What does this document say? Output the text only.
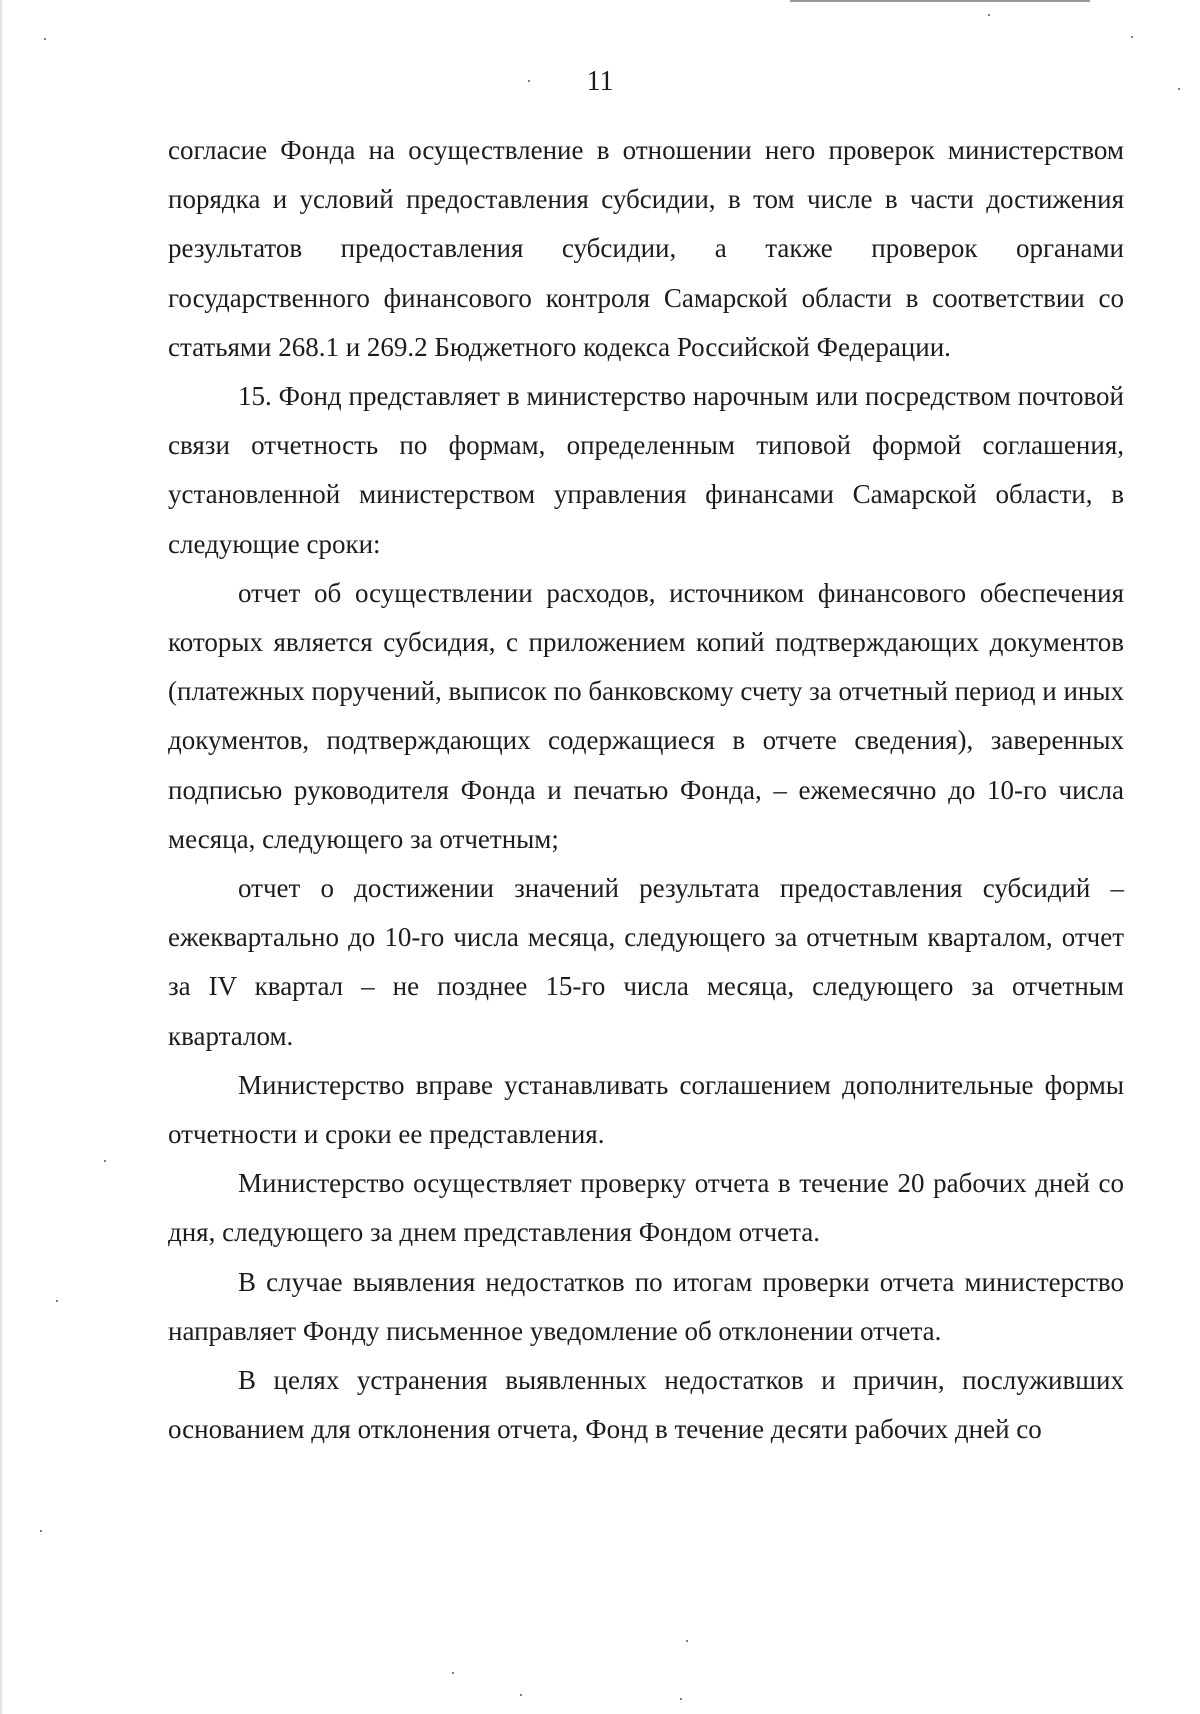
11

согласие Фонда на осуществление в отношении него проверок министерством порядка и условий предоставления субсидии, в том числе в части достижения результатов предоставления субсидии, а также проверок органами государственного финансового контроля Самарской области в соответствии со статьями 268.1 и 269.2 Бюджетного кодекса Российской Федерации.

15. Фонд представляет в министерство нарочным или посредством почтовой связи отчетность по формам, определенным типовой формой соглашения, установленной министерством управления финансами Самарской области, в следующие сроки:

отчет об осуществлении расходов, источником финансового обеспечения которых является субсидия, с приложением копий подтверждающих документов (платежных поручений, выписок по банковскому счету за отчетный период и иных документов, подтверждающих содержащиеся в отчете сведения), заверенных подписью руководителя Фонда и печатью Фонда, – ежемесячно до 10-го числа месяца, следующего за отчетным;

отчет о достижении значений результата предоставления субсидий – ежеквартально до 10-го числа месяца, следующего за отчетным кварталом, отчет за IV квартал – не позднее 15-го числа месяца, следующего за отчетным кварталом.

Министерство вправе устанавливать соглашением дополнительные формы отчетности и сроки ее представления.

Министерство осуществляет проверку отчета в течение 20 рабочих дней со дня, следующего за днем представления Фондом отчета.

В случае выявления недостатков по итогам проверки отчета министерство направляет Фонду письменное уведомление об отклонении отчета.

В целях устранения выявленных недостатков и причин, послуживших основанием для отклонения отчета, Фонд в течение десяти рабочих дней со
